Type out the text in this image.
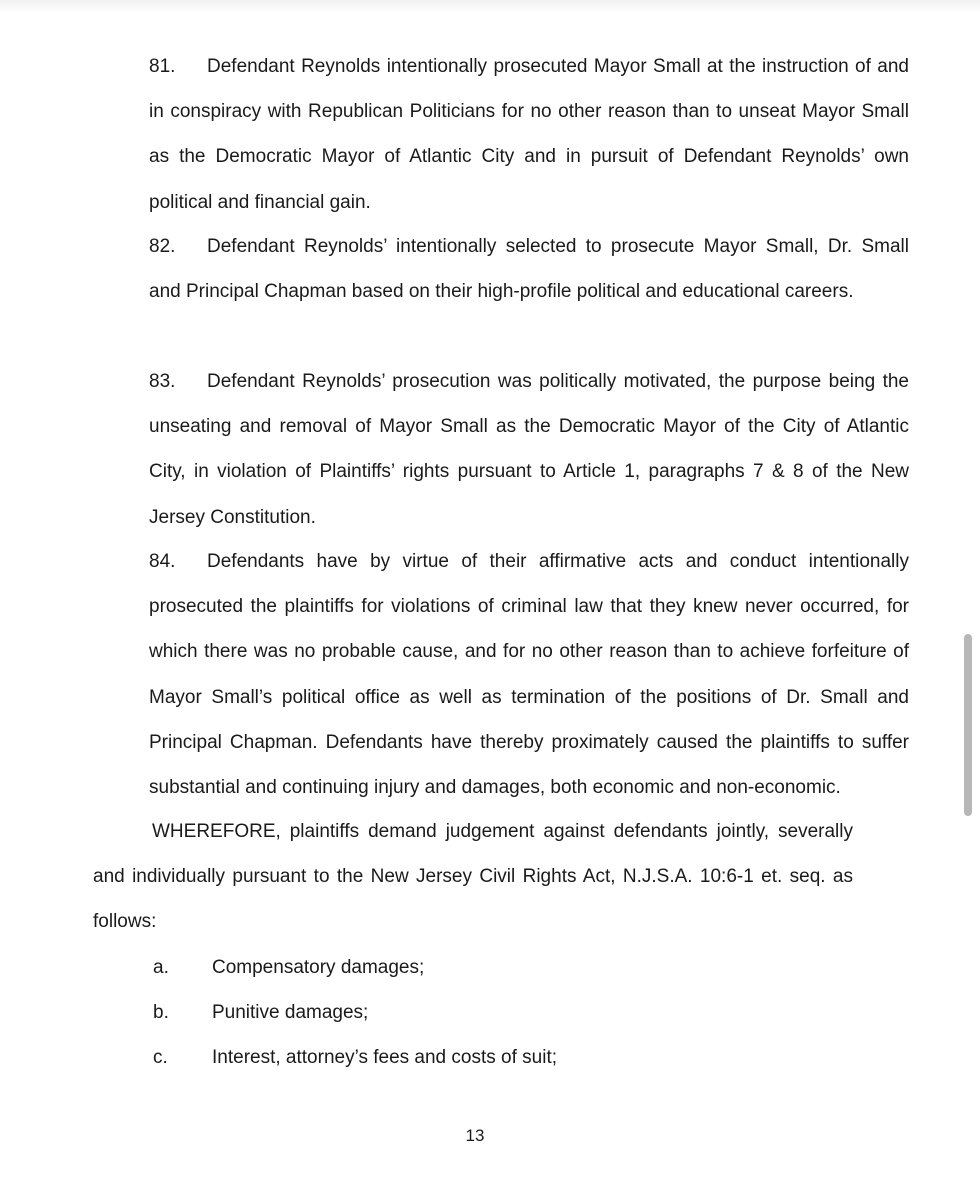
81. Defendant Reynolds intentionally prosecuted Mayor Small at the instruction of and in conspiracy with Republican Politicians for no other reason than to unseat Mayor Small as the Democratic Mayor of Atlantic City and in pursuit of Defendant Reynolds’ own political and financial gain.

82. Defendant Reynolds’ intentionally selected to prosecute Mayor Small, Dr. Small and Principal Chapman based on their high-profile political and educational careers.

83. Defendant Reynolds’ prosecution was politically motivated, the purpose being the unseating and removal of Mayor Small as the Democratic Mayor of the City of Atlantic City, in violation of Plaintiffs’ rights pursuant to Article 1, paragraphs 7 & 8 of the New Jersey Constitution.

84. Defendants have by virtue of their affirmative acts and conduct intentionally prosecuted the plaintiffs for violations of criminal law that they knew never occurred, for which there was no probable cause, and for no other reason than to achieve forfeiture of Mayor Small’s political office as well as termination of the positions of Dr. Small and Principal Chapman. Defendants have thereby proximately caused the plaintiffs to suffer substantial and continuing injury and damages, both economic and non-economic.

WHEREFORE, plaintiffs demand judgement against defendants jointly, severally and individually pursuant to the New Jersey Civil Rights Act, N.J.S.A. 10:6-1 et. seq. as follows:

a. Compensatory damages;
b. Punitive damages;
c. Interest, attorney’s fees and costs of suit;
13
